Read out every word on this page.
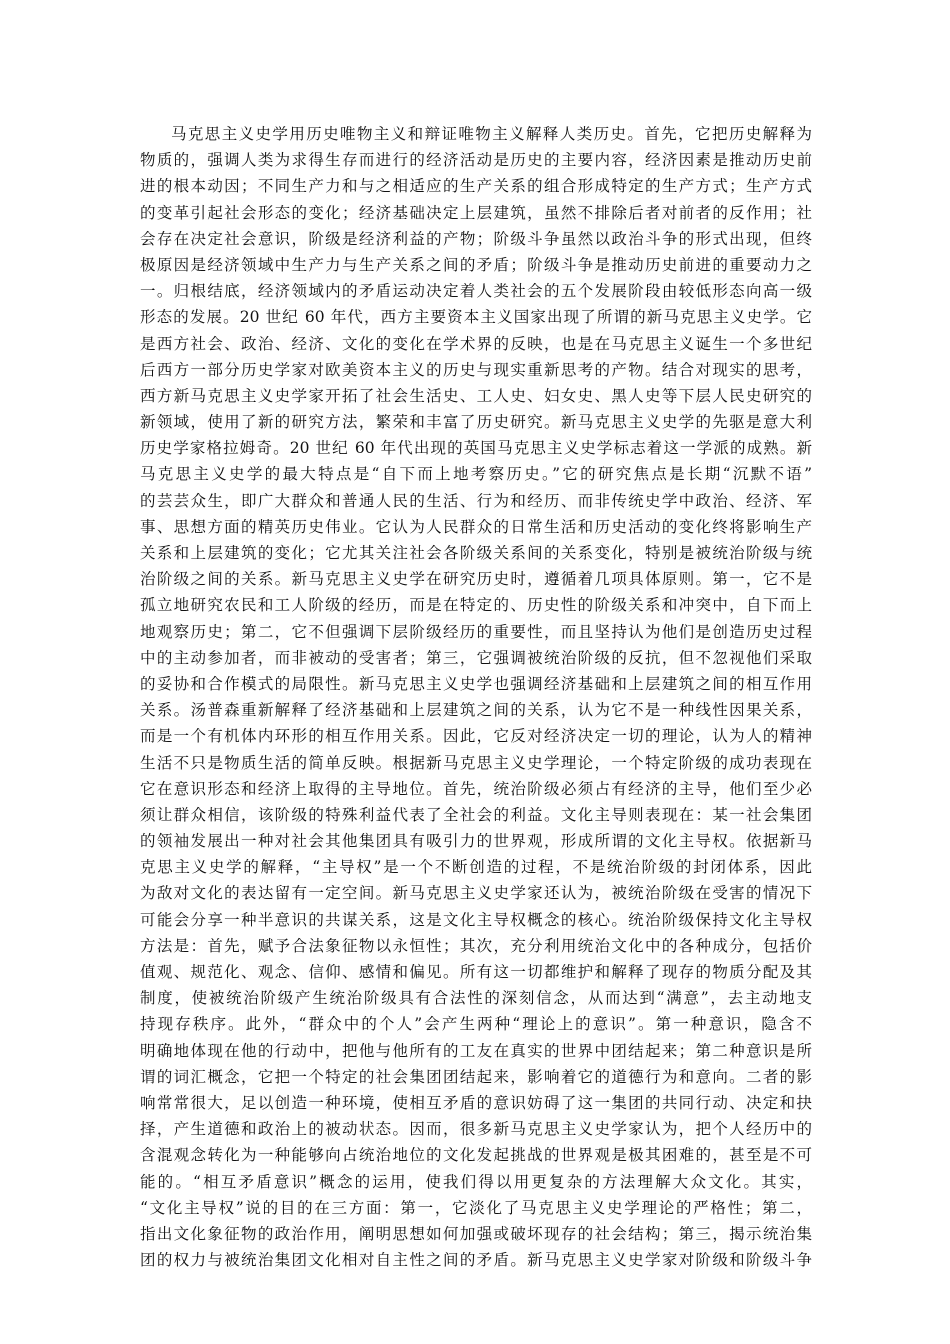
马克思主义史学用历史唯物主义和辩证唯物主义解释人类历史。首先，它把历史解释为
物质的，强调人类为求得生存而进行的经济活动是历史的主要内容，经济因素是推动历史前
进的根本动因；不同生产力和与之相适应的生产关系的组合形成特定的生产方式；生产方式
的变革引起社会形态的变化；经济基础决定上层建筑，虽然不排除后者对前者的反作用；社
会存在决定社会意识，阶级是经济利益的产物；阶级斗争虽然以政治斗争的形式出现，但终
极原因是经济领域中生产力与生产关系之间的矛盾；阶级斗争是推动历史前进的重要动力之
一。归根结底，经济领域内的矛盾运动决定着人类社会的五个发展阶段由较低形态向高一级
形态的发展。20 世纪 60 年代，西方主要资本主义国家出现了所谓的新马克思主义史学。它
是西方社会、政治、经济、文化的变化在学术界的反映，也是在马克思主义诞生一个多世纪
后西方一部分历史学家对欧美资本主义的历史与现实重新思考的产物。结合对现实的思考，
西方新马克思主义史学家开拓了社会生活史、工人史、妇女史、黑人史等下层人民史研究的
新领域，使用了新的研究方法，繁荣和丰富了历史研究。新马克思主义史学的先驱是意大利
历史学家格拉姆奇。20 世纪 60 年代出现的英国马克思主义史学标志着这一学派的成熟。新
马克思主义史学的最大特点是“自下而上地考察历史。”它的研究焦点是长期“沉默不语”
的芸芸众生，即广大群众和普通人民的生活、行为和经历、而非传统史学中政治、经济、军
事、思想方面的精英历史伟业。它认为人民群众的日常生活和历史活动的变化终将影响生产
关系和上层建筑的变化；它尤其关注社会各阶级关系间的关系变化，特别是被统治阶级与统
治阶级之间的关系。新马克思主义史学在研究历史时，遵循着几项具体原则。第一，它不是
孤立地研究农民和工人阶级的经历，而是在特定的、历史性的阶级关系和冲突中，自下而上
地观察历史；第二，它不但强调下层阶级经历的重要性，而且坚持认为他们是创造历史过程
中的主动参加者，而非被动的受害者；第三，它强调被统治阶级的反抗，但不忽视他们采取
的妥协和合作模式的局限性。新马克思主义史学也强调经济基础和上层建筑之间的相互作用
关系。汤普森重新解释了经济基础和上层建筑之间的关系，认为它不是一种线性因果关系，
而是一个有机体内环形的相互作用关系。因此，它反对经济决定一切的理论，认为人的精神
生活不只是物质生活的简单反映。根据新马克思主义史学理论，一个特定阶级的成功表现在
它在意识形态和经济上取得的主导地位。首先，统治阶级必须占有经济的主导，他们至少必
须让群众相信，该阶级的特殊利益代表了全社会的利益。文化主导则表现在：某一社会集团
的领袖发展出一种对社会其他集团具有吸引力的世界观，形成所谓的文化主导权。依据新马
克思主义史学的解释，“主导权”是一个不断创造的过程，不是统治阶级的封闭体系，因此
为敌对文化的表达留有一定空间。新马克思主义史学家还认为，被统治阶级在受害的情况下
可能会分享一种半意识的共谋关系，这是文化主导权概念的核心。统治阶级保持文化主导权
方法是：首先，赋予合法象征物以永恒性；其次，充分利用统治文化中的各种成分，包括价
值观、规范化、观念、信仰、感情和偏见。所有这一切都维护和解释了现存的物质分配及其
制度，使被统治阶级产生统治阶级具有合法性的深刻信念，从而达到“满意”，去主动地支
持现存秩序。此外，“群众中的个人”会产生两种“理论上的意识”。第一种意识，隐含不
明确地体现在他的行动中，把他与他所有的工友在真实的世界中团结起来；第二种意识是所
谓的词汇概念，它把一个特定的社会集团团结起来，影响着它的道德行为和意向。二者的影
响常常很大，足以创造一种环境，使相互矛盾的意识妨碍了这一集团的共同行动、决定和抉
择，产生道德和政治上的被动状态。因而，很多新马克思主义史学家认为，把个人经历中的
含混观念转化为一种能够向占统治地位的文化发起挑战的世界观是极其困难的，甚至是不可
能的。“相互矛盾意识”概念的运用，使我们得以用更复杂的方法理解大众文化。其实，
“文化主导权”说的目的在三方面：第一，它淡化了马克思主义史学理论的严格性；第二，
指出文化象征物的政治作用，阐明思想如何加强或破坏现存的社会结构；第三，揭示统治集
团的权力与被统治集团文化相对自主性之间的矛盾。新马克思主义史学家对阶级和阶级斗争
